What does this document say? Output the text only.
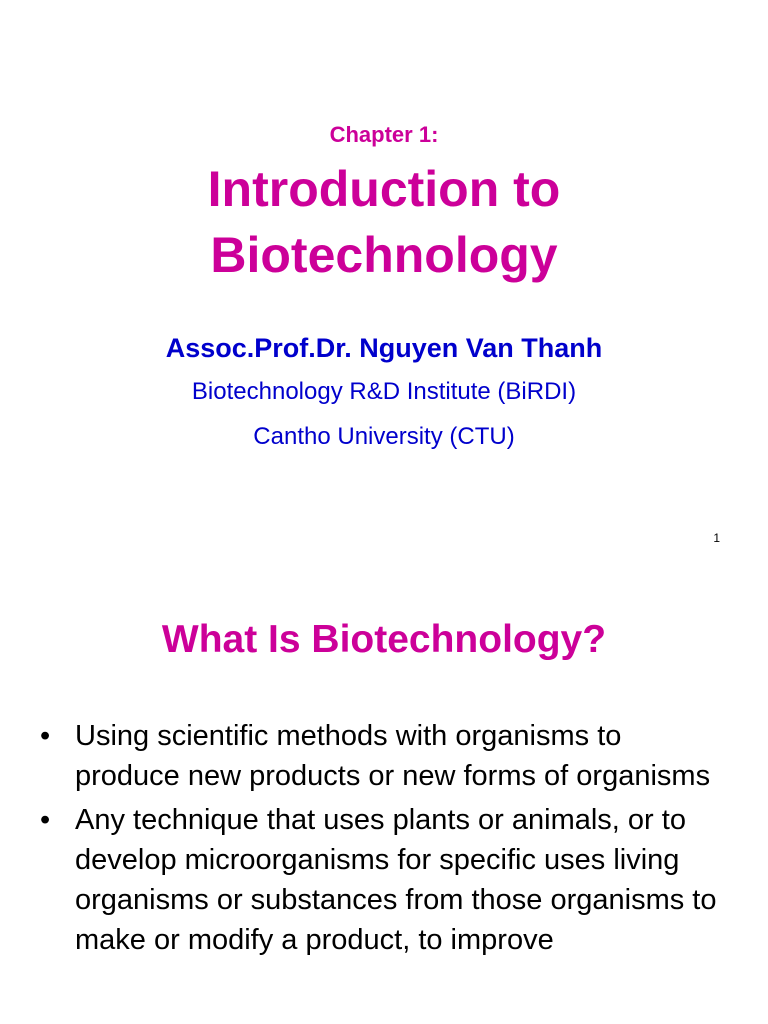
Chapter 1:
Introduction to
Biotechnology
Assoc.Prof.Dr. Nguyen Van Thanh
Biotechnology R&D Institute (BiRDI)
Cantho University (CTU)
1
What Is Biotechnology?
• Using scientific methods with organisms to produce new products or new forms of organisms
• Any technique that uses plants or animals, or to develop microorganisms for specific uses living organisms or substances from those organisms to make or modify a product, to improve
